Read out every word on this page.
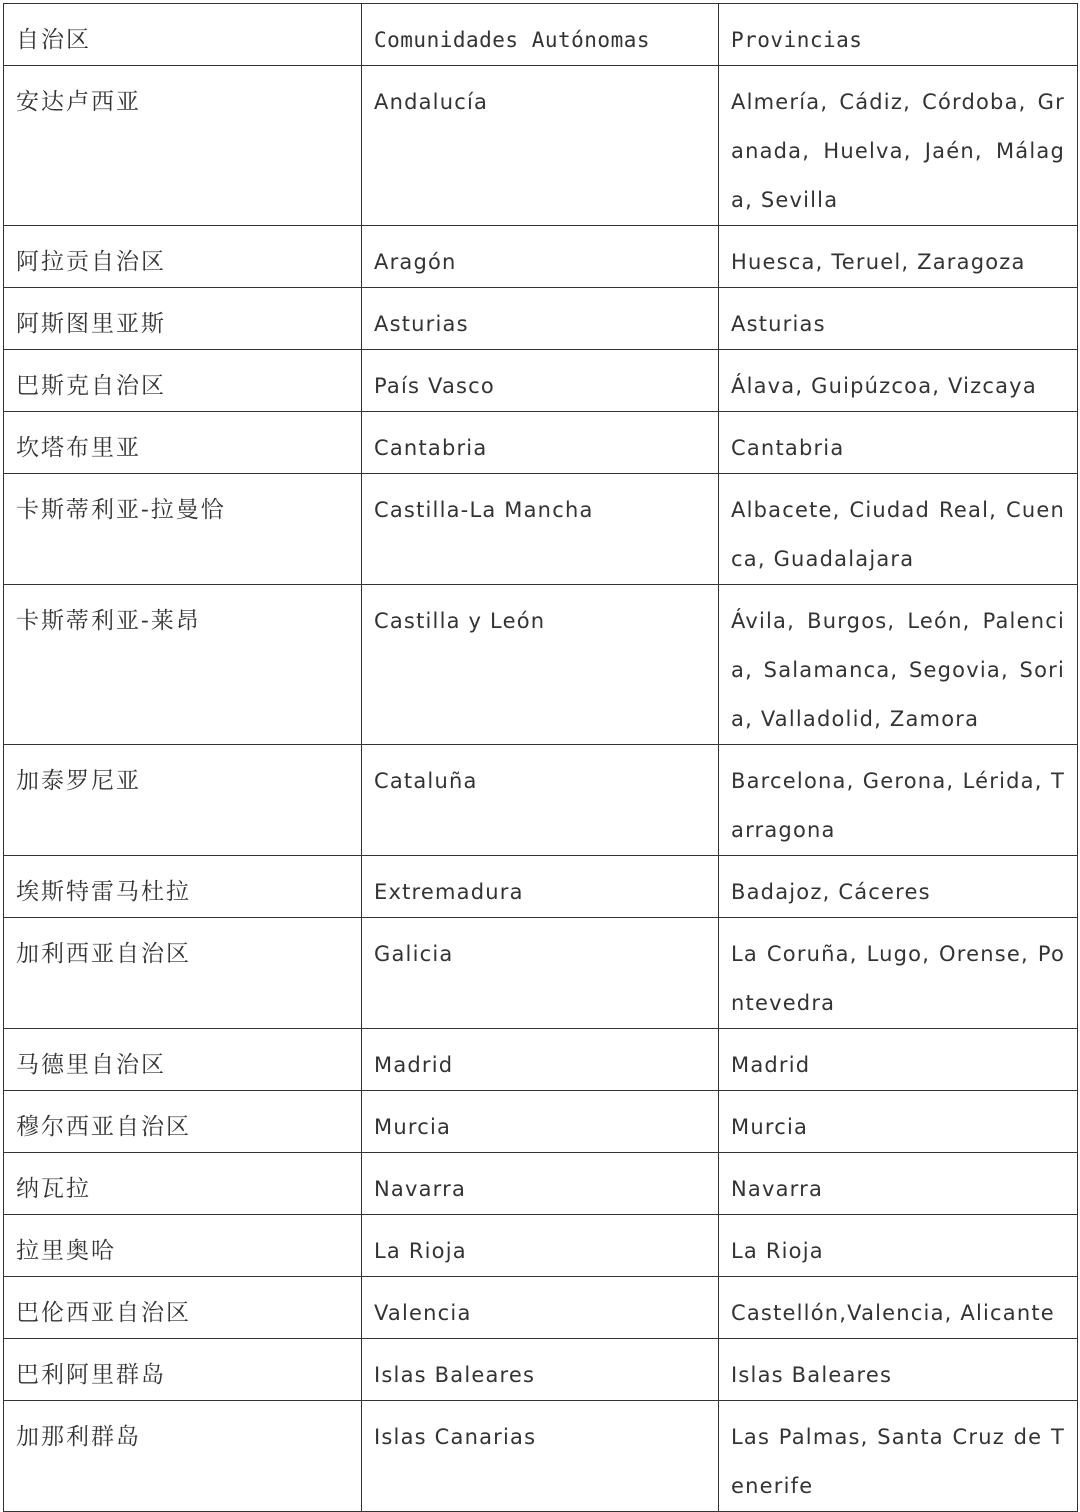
自治区	Comunidades Autónomas	Provincias
安达卢西亚	Andalucía	Almería, Cádiz, Córdoba, Granada, Huelva, Jaén, Málaga, Sevilla
阿拉贡自治区	Aragón	Huesca, Teruel, Zaragoza
阿斯图里亚斯	Asturias	Asturias
巴斯克自治区	País Vasco	Álava, Guipúzcoa, Vizcaya
坎塔布里亚	Cantabria	Cantabria
卡斯蒂利亚-拉曼恰	Castilla-La Mancha	Albacete, Ciudad Real, Cuenca, Guadalajara
卡斯蒂利亚-莱昂	Castilla y León	Ávila, Burgos, León, Palencia, Salamanca, Segovia, Soria, Valladolid, Zamora
加泰罗尼亚	Cataluña	Barcelona, Gerona, Lérida, Tarragona
埃斯特雷马杜拉	Extremadura	Badajoz, Cáceres
加利西亚自治区	Galicia	La Coruña, Lugo, Orense, Pontevedra
马德里自治区	Madrid	Madrid
穆尔西亚自治区	Murcia	Murcia
纳瓦拉	Navarra	Navarra
拉里奥哈	La Rioja	La Rioja
巴伦西亚自治区	Valencia	Castellón,Valencia, Alicante
巴利阿里群岛	Islas Baleares	Islas Baleares
加那利群岛	Islas Canarias	Las Palmas, Santa Cruz de Tenerife
